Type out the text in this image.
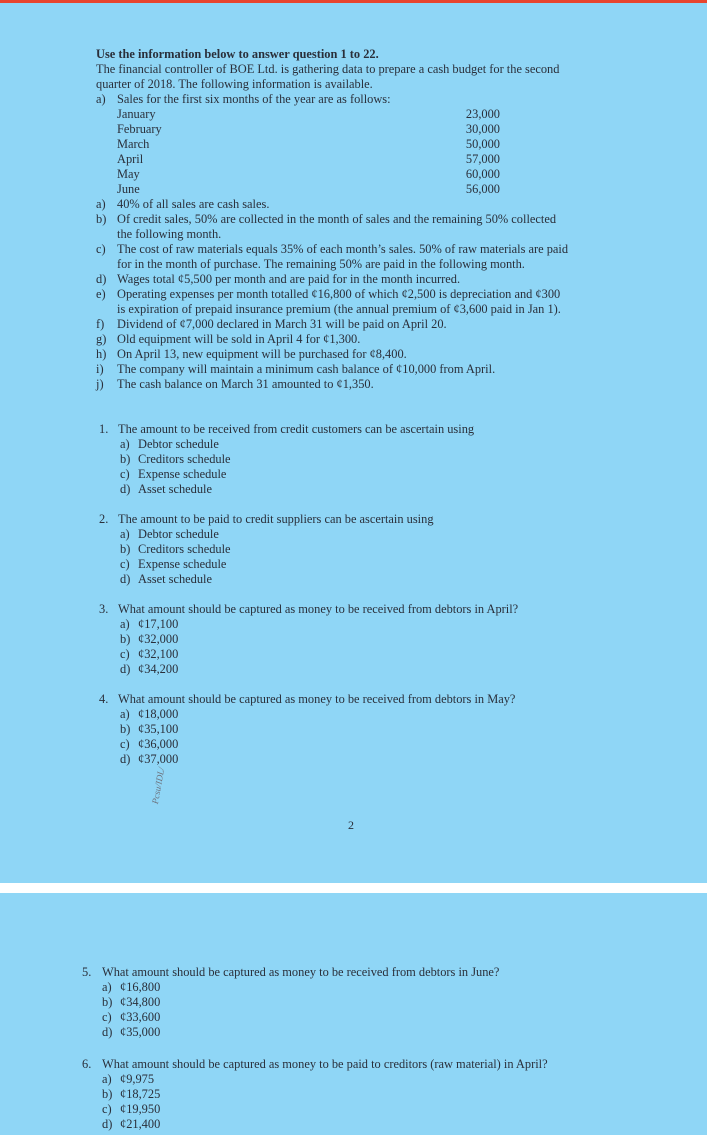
Use the information below to answer question 1 to 22.
The financial controller of BOE Ltd. is gathering data to prepare a cash budget for the second
quarter of 2018. The following information is available.
a) Sales for the first six months of the year are as follows:
January	23,000
February	30,000
March	50,000
April	57,000
May	60,000
June	56,000
a) 40% of all sales are cash sales.
b) Of credit sales, 50% are collected in the month of sales and the remaining 50% collected
the following month.
c) The cost of raw materials equals 35% of each month’s sales. 50% of raw materials are paid
for in the month of purchase. The remaining 50% are paid in the following month.
d) Wages total ¢5,500 per month and are paid for in the month incurred.
e) Operating expenses per month totalled ¢16,800 of which ¢2,500 is depreciation and ¢300
is expiration of prepaid insurance premium (the annual premium of ¢3,600 paid in Jan 1).
f) Dividend of ¢7,000 declared in March 31 will be paid on April 20.
g) Old equipment will be sold in April 4 for ¢1,300.
h) On April 13, new equipment will be purchased for ¢8,400.
i) The company will maintain a minimum cash balance of ¢10,000 from April.
j) The cash balance on March 31 amounted to ¢1,350.
1. The amount to be received from credit customers can be ascertain using
a) Debtor schedule
b) Creditors schedule
c) Expense schedule
d) Asset schedule
2. The amount to be paid to credit suppliers can be ascertain using
a) Debtor schedule
b) Creditors schedule
c) Expense schedule
d) Asset schedule
3. What amount should be captured as money to be received from debtors in April?
a) ¢17,100
b) ¢32,000
c) ¢32,100
d) ¢34,200
4. What amount should be captured as money to be received from debtors in May?
a) ¢18,000
b) ¢35,100
c) ¢36,000
d) ¢37,000
Pcsu/IDL/
2
5. What amount should be captured as money to be received from debtors in June?
a) ¢16,800
b) ¢34,800
c) ¢33,600
d) ¢35,000
6. What amount should be captured as money to be paid to creditors (raw material) in April?
a) ¢9,975
b) ¢18,725
c) ¢19,950
d) ¢21,400
